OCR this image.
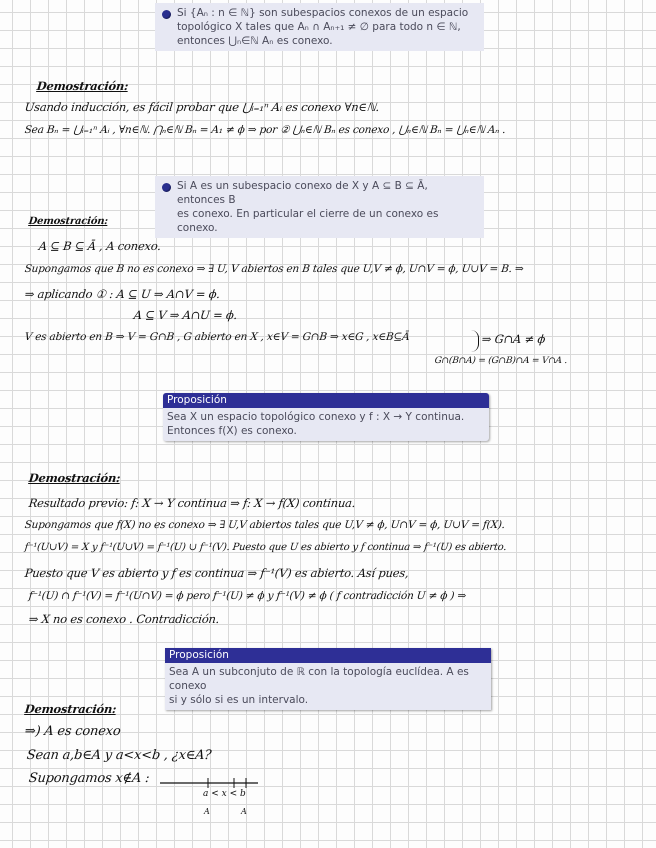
Si {Aₙ : n ∈ ℕ} son subespacios conexos de un espacio
topológico X tales que Aₙ ∩ Aₙ₊₁ ≠ ∅ para todo n ∈ ℕ,
entonces ⋃ₙ∈ℕ Aₙ es conexo.
Demostración:
Usando inducción, es fácil probar que ⋃ᵢ₌₁ⁿ Aᵢ es conexo ∀n∈ℕ.
Sea Bₙ = ⋃ᵢ₌₁ⁿ Aᵢ , ∀n∈ℕ. ⋂ₙ∈ℕ Bₙ = A₁ ≠ ϕ ⇒ por ② ⋃ₙ∈ℕ Bₙ es conexo , ⋃ₙ∈ℕ Bₙ = ⋃ₙ∈ℕ Aₙ .
Si A es un subespacio conexo de X y A ⊆ B ⊆ Ā, entonces B
es conexo. En particular el cierre de un conexo es conexo.
Demostración:
A ⊆ B ⊆ Ā , A conexo.
Supongamos que B no es conexo ⇒ ∃ U, V abiertos en B tales que U,V ≠ ϕ, U∩V = ϕ, U∪V = B. ⇒
⇒ aplicando ① : A ⊆ U ⇒ A∩V = ϕ.
A ⊆ V ⇒ A∩U = ϕ.
V es abierto en B ⇒ V = G∩B , G abierto en X , x∈V = G∩B ⇒ x∈G , x∈B⊆Ā	⇒ G∩A ≠ ϕ
G∩(B∩A) = (G∩B)∩A = V∩A .
Proposición
Sea X un espacio topológico conexo y f : X → Y continua.
Entonces f(X) es conexo.
Demostración:
Resultado previo: f: X → Y continua ⇒ f: X → f(X) continua.
Supongamos que f(X) no es conexo ⇒ ∃ U,V abiertos tales que U,V ≠ ϕ, U∩V = ϕ, U∪V = f(X).
f⁻¹(U∪V) = X y f⁻¹(U∪V) = f⁻¹(U) ∪ f⁻¹(V). Puesto que U es abierto y f continua ⇒ f⁻¹(U) es abierto.
Puesto que V es abierto y f es continua ⇒ f⁻¹(V) es abierto. Así pues,
f⁻¹(U) ∩ f⁻¹(V) = f⁻¹(U∩V) = ϕ pero f⁻¹(U) ≠ ϕ y f⁻¹(V) ≠ ϕ ( f contradicción U ≠ ϕ ) ⇒
⇒ X no es conexo . Contradicción.
Proposición
Sea A un subconjuto de ℝ con la topología euclídea. A es conexo
si y sólo si es un intervalo.
Demostración:
⇒) A es conexo
Sean a,b∈A y a<x<b , ¿x∈A?
Supongamos x∉A :
a < x < b
A	A
